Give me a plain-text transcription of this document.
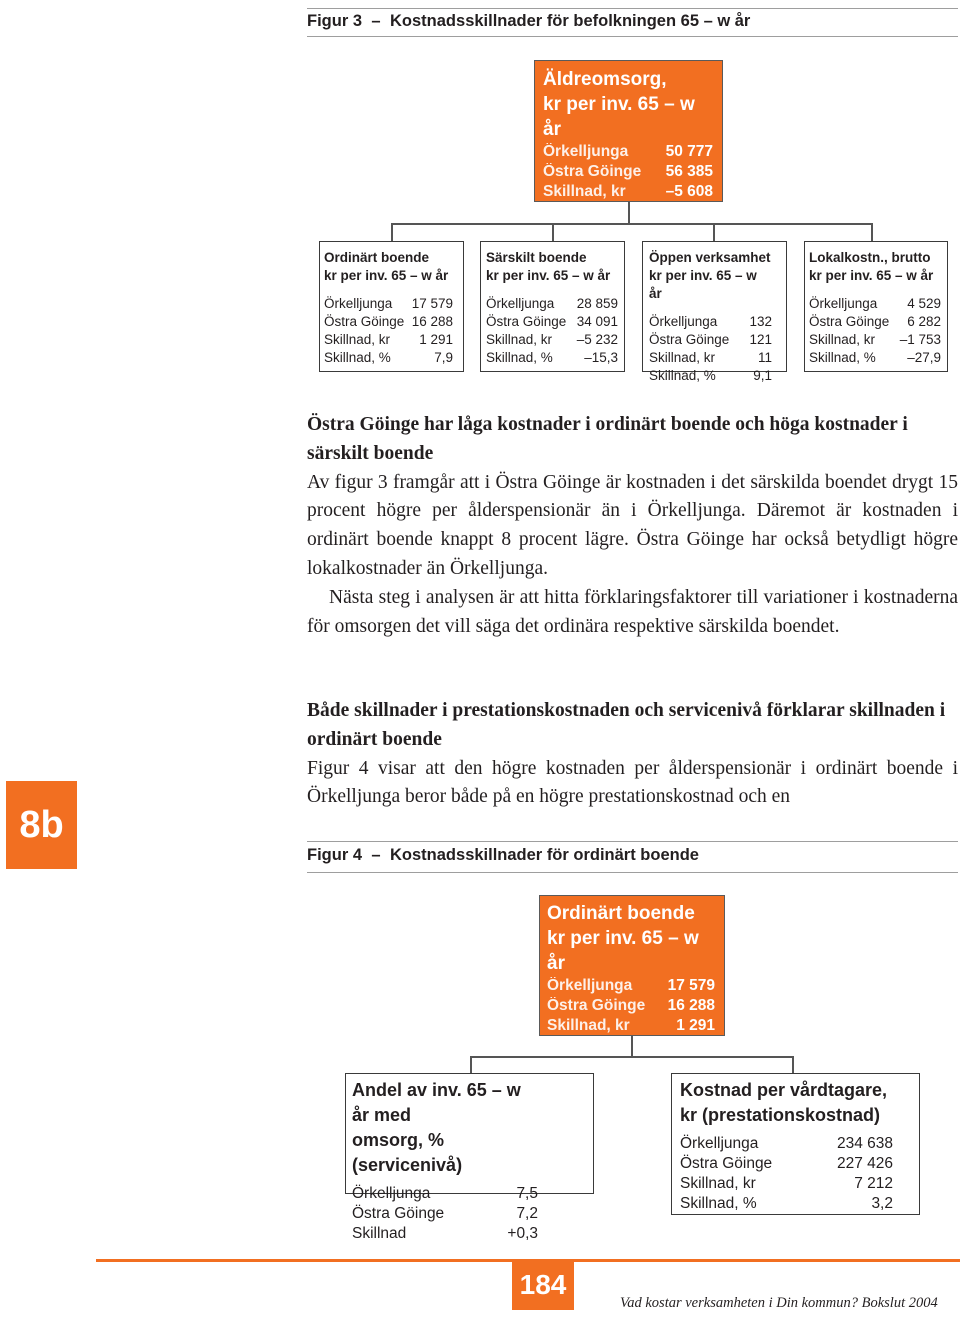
Figur 3 – Kostnadsskillnader för befolkningen 65 – w år
Äldreomsorg,
kr per inv. 65 – w år
Örkelljunga 50 777
Östra Göinge 56 385
Skillnad, kr	–5 608
Skillnad, %	–9,9
Ordinärt boende
kr per inv. 65 – w år
Örkelljunga 17 579
Östra Göinge 16 288
Skillnad, kr 1 291
Skillnad, %	7,9
Särskilt boende
kr per inv. 65 – w år
Örkelljunga 28 859
Östra Göinge 34 091
Skillnad, kr –5 232
Skillnad, % –15,3
Öppen verksamhet
kr per inv. 65 – w år
Örkelljunga 132
Östra Göinge 121
Skillnad, kr	11
Skillnad, %	9,1
Lokalkostn., brutto
kr per inv. 65 – w år
Örkelljunga 4 529
Östra Göinge 6 282
Skillnad, kr –1 753
Skillnad, % –27,9

Östra Göinge har låga kostnader i ordinärt boende och höga kostnader i särskilt boende

Av figur 3 framgår att i Östra Göinge är kostnaden i det särskilda boendet drygt 15 procent högre per ålderspensionär än i Örkelljunga. Däremot är kostnaden i ordinärt boende knappt 8 procent lägre. Östra Göinge har också betydligt högre lokalkostnader än Örkelljunga.

Nästa steg i analysen är att hitta förklaringsfaktorer till variationer i kostnaderna för omsorgen det vill säga det ordinära respektive särskilda boendet.

Både skillnader i prestationskostnaden och servicenivå förklarar skillnaden i ordinärt boende

Figur 4 visar att den högre kostnaden per ålderspensionär i ordinärt boende i Örkelljunga beror både på en högre prestationskostnad och en

8b
Figur 4 – Kostnadsskillnader för ordinärt boende
Ordinärt boende
kr per inv. 65 – w år
Örkelljunga 17 579
Östra Göinge 16 288
Skillnad, kr	1 291
Skillnad, %	7,9
Andel av inv. 65 – w år med
omsorg, % (servicenivå)
Örkelljunga	7,5
Östra Göinge	7,2
Skillnad	+0,3
Kostnad per vårdtagare,
kr (prestationskostnad)
Örkelljunga	234 638
Östra Göinge	227 426
Skillnad, kr	7 212
Skillnad, %	3,2
184
Vad kostar verksamheten i Din kommun? Bokslut 2004
